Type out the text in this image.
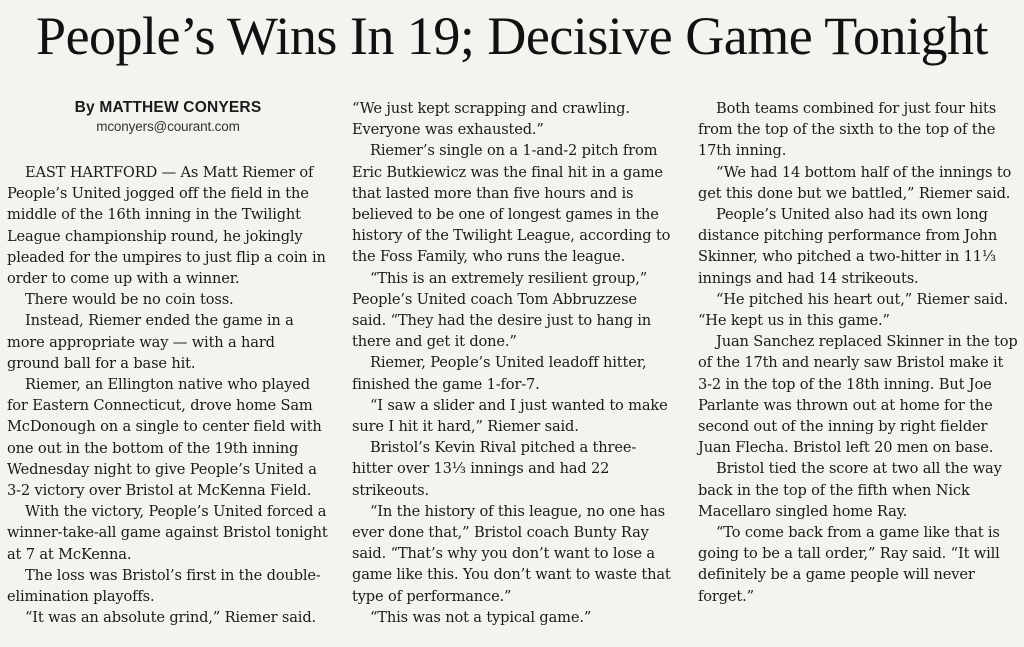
People’s Wins In 19; Decisive Game Tonight

By MATTHEW CONYERS

mconyers@courant.com

EAST HARTFORD — As Matt Riemer of People’s United jogged off the field in the middle of the 16th inning in the Twilight League championship round, he jokingly pleaded for the umpires to just flip a coin in order to come up with a winner.

There would be no coin toss.

Instead, Riemer ended the game in a more appropriate way — with a hard ground ball for a base hit.

Riemer, an Ellington native who played for Eastern Connecticut, drove home Sam McDonough on a single to center field with one out in the bottom of the 19th inning Wednesday night to give People’s United a 3-2 victory over Bristol at McKenna Field.

With the victory, People’s United forced a winner-take-all game against Bristol tonight at 7 at McKenna.

The loss was Bristol’s first in the double-elimination playoffs.

“It was an absolute grind,” Riemer said.

“We just kept scrapping and crawling. Everyone was exhausted.”

Riemer’s single on a 1-and-2 pitch from Eric Butkiewicz was the final hit in a game that lasted more than five hours and is believed to be one of longest games in the history of the Twilight League, according to the Foss Family, who runs the league.

“This is an extremely resilient group,” People’s United coach Tom Abbruzzese said. “They had the desire just to hang in there and get it done.”

Riemer, People’s United leadoff hitter, finished the game 1-for-7.

“I saw a slider and I just wanted to make sure I hit it hard,” Riemer said.

Bristol’s Kevin Rival pitched a three-hitter over 13⅓ innings and had 22 strikeouts.

“In the history of this league, no one has ever done that,” Bristol coach Bunty Ray said. “That’s why you don’t want to lose a game like this. You don’t want to waste that type of performance.”

“This was not a typical game.”

Both teams combined for just four hits from the top of the sixth to the top of the 17th inning.

“We had 14 bottom half of the innings to get this done but we battled,” Riemer said.

People’s United also had its own long distance pitching performance from John Skinner, who pitched a two-hitter in 11⅓ innings and had 14 strikeouts.

“He pitched his heart out,” Riemer said. “He kept us in this game.”

Juan Sanchez replaced Skinner in the top of the 17th and nearly saw Bristol make it 3-2 in the top of the 18th inning. But Joe Parlante was thrown out at home for the second out of the inning by right fielder Juan Flecha. Bristol left 20 men on base.

Bristol tied the score at two all the way back in the top of the fifth when Nick Macellaro singled home Ray.

“To come back from a game like that is going to be a tall order,” Ray said. “It will definitely be a game people will never forget.”
